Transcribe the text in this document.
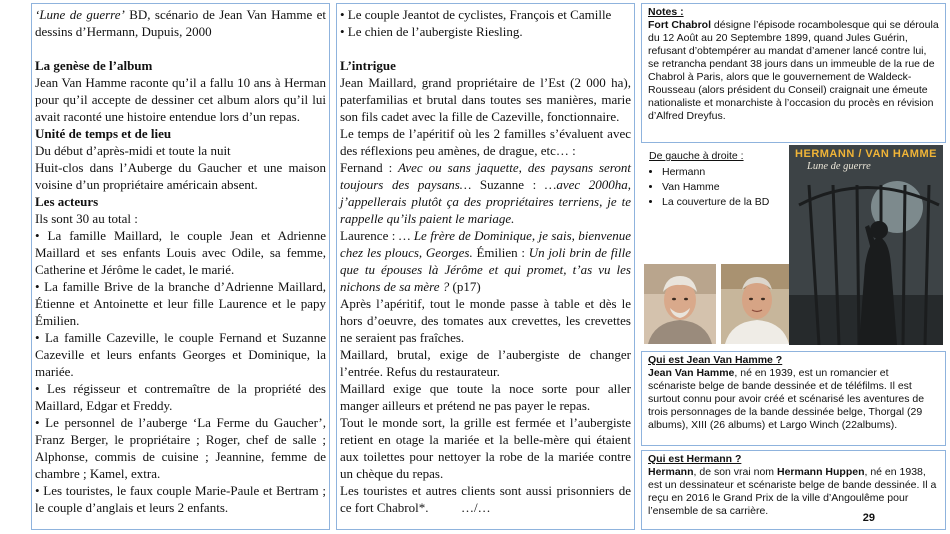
‘Lune de guerre’ BD, scénario de Jean Van Hamme et dessins d’Hermann, Dupuis, 2000

La genèse de l’album

Jean Van Hamme raconte qu’il a fallu 10 ans à Herman pour qu’il accepte de dessiner cet album alors qu’il lui avait raconté une histoire entendue lors d’un repas.

Unité de temps et de lieu

Du début d’après-midi et toute la nuit

Huit-clos dans l’Auberge du Gaucher et une maison voisine d’un propriétaire américain absent.

Les acteurs

Ils sont 30 au total :

• La famille Maillard, le couple Jean et Adrienne Maillard et ses enfants Louis avec Odile, sa femme, Catherine et Jérôme le cadet, le marié.

• La famille Brive de la branche d’Adrienne Maillard, Étienne et Antoinette et leur fille Laurence et le papy Émilien.

• La famille Cazeville, le couple Fernand et Suzanne Cazeville et leurs enfants Georges et Dominique, la mariée.

• Les régisseur et contremaître de la propriété des Maillard, Edgar et Freddy.

• Le personnel de l’auberge ‘La Ferme du Gaucher’, Franz Berger, le propriétaire ; Roger, chef de salle ; Alphonse, commis de cuisine ; Jeannine, femme de chambre ; Kamel, extra.

• Les touristes, le faux couple Marie-Paule et Bertram ; le couple d’anglais et leurs 2 enfants.

• Le couple Jeantot de cyclistes, François et Camille

• Le chien de l’aubergiste Riesling.

L’intrigue

Jean Maillard, grand propriétaire de l’Est (2 000 ha), paterfamilias et brutal dans toutes ses manières, marie son fils cadet avec la fille de Cazeville, fonctionnaire.

Le temps de l’apéritif où les 2 familles s’évaluent avec des réflexions peu amènes, de drague, etc… :

Fernand : Avec ou sans jaquette, des paysans seront toujours des paysans… Suzanne : …avec 2000ha, j’appellerais plutôt ça des propriétaires terriens, je te rappelle qu’ils paient le mariage.

Laurence : … Le frère de Dominique, je sais, bienvenue chez les ploucs, Georges. Émilien : Un joli brin de fille que tu épouses là Jérôme et qui promet, t’as vu les nichons de sa mère ? (p17)

Après l’apéritif, tout le monde passe à table et dès le hors d’oeuvre, des tomates aux crevettes, les crevettes ne seraient pas fraîches.

Maillard, brutal, exige de l’aubergiste de changer l’entrée. Refus du restaurateur.

Maillard exige que toute la noce sorte pour aller manger ailleurs et prétend ne pas payer le repas.

Tout le monde sort, la grille est fermée et l’aubergiste retient en otage la mariée et la belle-mère qui étaient aux toilettes pour nettoyer la robe de la mariée contre un chèque du repas.

Les touristes et autres clients sont aussi prisonniers de ce fort Chabrol*.	…/…

Notes :

Fort Chabrol désigne l’épisode rocambolesque qui se déroula du 12 Août au 20 Septembre 1899, quand Jules Guérin, refusant d’obtempérer au mandat d’amener lancé contre lui, se retrancha pendant 38 jours dans un immeuble de la rue de Chabrol à Paris, alors que le gouvernement de Waldeck-Rousseau (alors président du Conseil) craignait une émeute nationaliste et monarchiste à l’occasion du procès en révision d’Alfred Dreyfus.

De gauche à droite :
• Hermann
• Van Hamme
• La couverture de la BD
HERMANN / VAN HAMME
Lune de guerre

Qui est Jean Van Hamme ?

Jean Van Hamme, né en 1939, est un romancier et scénariste belge de bande dessinée et de téléfilms. Il est surtout connu pour avoir créé et scénarisé les aventures de trois personnages de la bande dessinée belge, Thorgal (29 albums), XIII (26 albums) et Largo Winch (22albums).

Qui est Hermann ?

Hermann, de son vrai nom Hermann Huppen, né en 1938, est un dessinateur et scénariste belge de bande dessinée. Il a reçu en 2016 le Grand Prix de la ville d’Angoulême pour l’ensemble de sa carrière.

29
